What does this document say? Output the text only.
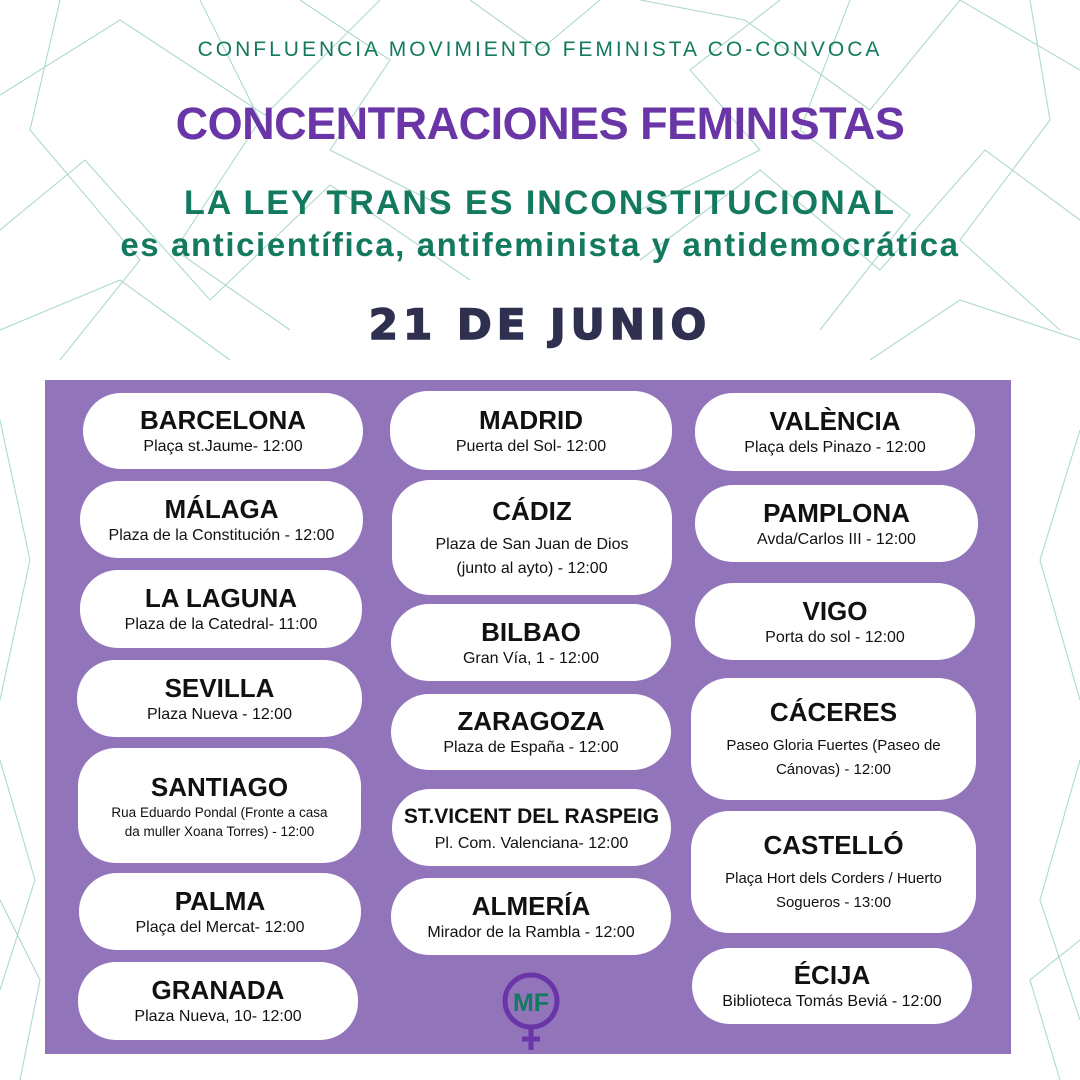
CONFLUENCIA MOVIMIENTO FEMINISTA CO-CONVOCA
CONCENTRACIONES FEMINISTAS
LA LEY TRANS ES INCONSTITUCIONAL
es anticientífica, antifeminista y antidemocrática
21 DE JUNIO
BARCELONA
Plaça st.Jaume- 12:00
MÁLAGA
Plaza de la Constitución - 12:00
LA LAGUNA
Plaza de la Catedral- 11:00
SEVILLA
Plaza Nueva - 12:00
SANTIAGO
Rua Eduardo Pondal (Fronte a casa da muller Xoana Torres) - 12:00
PALMA
Plaça del Mercat- 12:00
GRANADA
Plaza Nueva, 10- 12:00
MADRID
Puerta del Sol- 12:00
CÁDIZ
Plaza de San Juan de Dios (junto al ayto) - 12:00
BILBAO
Gran Vía, 1 - 12:00
ZARAGOZA
Plaza de España - 12:00
ST.VICENT DEL RASPEIG
Pl. Com. Valenciana- 12:00
ALMERÍA
Mirador de la Rambla - 12:00
VALÈNCIA
Plaça dels Pinazo - 12:00
PAMPLONA
Avda/Carlos III - 12:00
VIGO
Porta do sol - 12:00
CÁCERES
Paseo Gloria Fuertes (Paseo de Cánovas) - 12:00
CASTELLÓ
Plaça Hort dels Corders / Huerto Sogueros - 13:00
ÉCIJA
Biblioteca Tomás Beviá - 12:00
MF
